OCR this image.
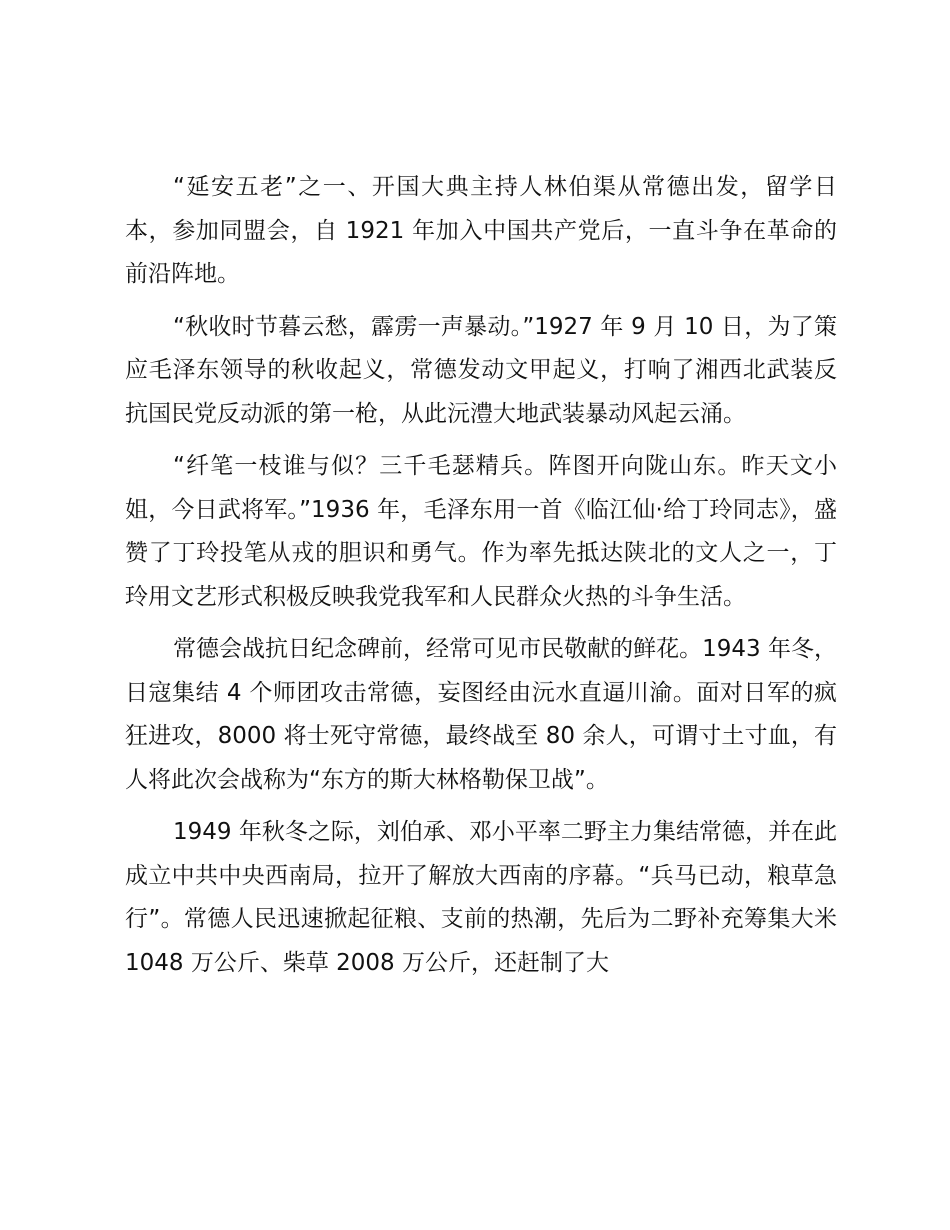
“延安五老”之一、开国大典主持人林伯渠从常德出发，留学日本，参加同盟会，自 1921 年加入中国共产党后，一直斗争在革命的前沿阵地。

“秋收时节暮云愁，霹雳一声暴动。”1927 年 9 月 10 日，为了策应毛泽东领导的秋收起义，常德发动文甲起义，打响了湘西北武装反抗国民党反动派的第一枪，从此沅澧大地武装暴动风起云涌。

“纤笔一枝谁与似？三千毛瑟精兵。阵图开向陇山东。昨天文小姐，今日武将军。”1936 年，毛泽东用一首《临江仙·给丁玲同志》，盛赞了丁玲投笔从戎的胆识和勇气。作为率先抵达陕北的文人之一，丁玲用文艺形式积极反映我党我军和人民群众火热的斗争生活。

常德会战抗日纪念碑前，经常可见市民敬献的鲜花。1943 年冬，日寇集结 4 个师团攻击常德，妄图经由沅水直逼川渝。面对日军的疯狂进攻，8000 将士死守常德，最终战至 80 余人，可谓寸土寸血，有人将此次会战称为“东方的斯大林格勒保卫战”。

1949 年秋冬之际，刘伯承、邓小平率二野主力集结常德，并在此成立中共中央西南局，拉开了解放大西南的序幕。“兵马已动，粮草急行”。常德人民迅速掀起征粮、支前的热潮，先后为二野补充筹集大米 1048 万公斤、柴草 2008 万公斤，还赶制了大
